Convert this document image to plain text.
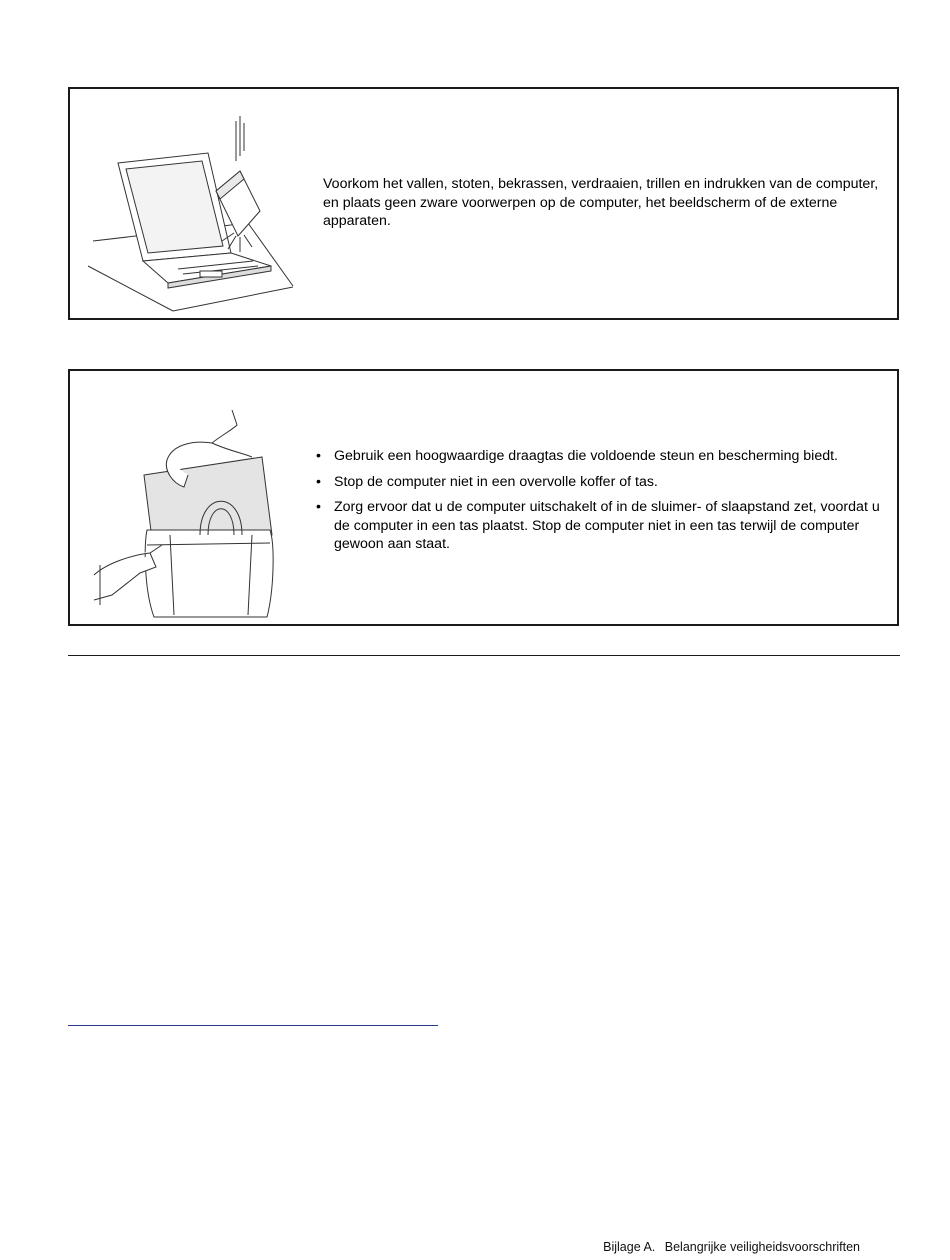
Voorkom het vallen, stoten, bekrassen, verdraaien, trillen en indrukken van de computer, en plaats geen zware voorwerpen op de computer, het beeldscherm of de externe apparaten.

• Gebruik een hoogwaardige draagtas die voldoende steun en bescherming biedt.
• Stop de computer niet in een overvolle koffer of tas.
• Zorg ervoor dat u de computer uitschakelt of in de sluimer- of slaapstand zet, voordat u de computer in een tas plaatst. Stop de computer niet in een tas terwijl de computer gewoon aan staat.
Bijlage A. Belangrijke veiligheidsvoorschriften
